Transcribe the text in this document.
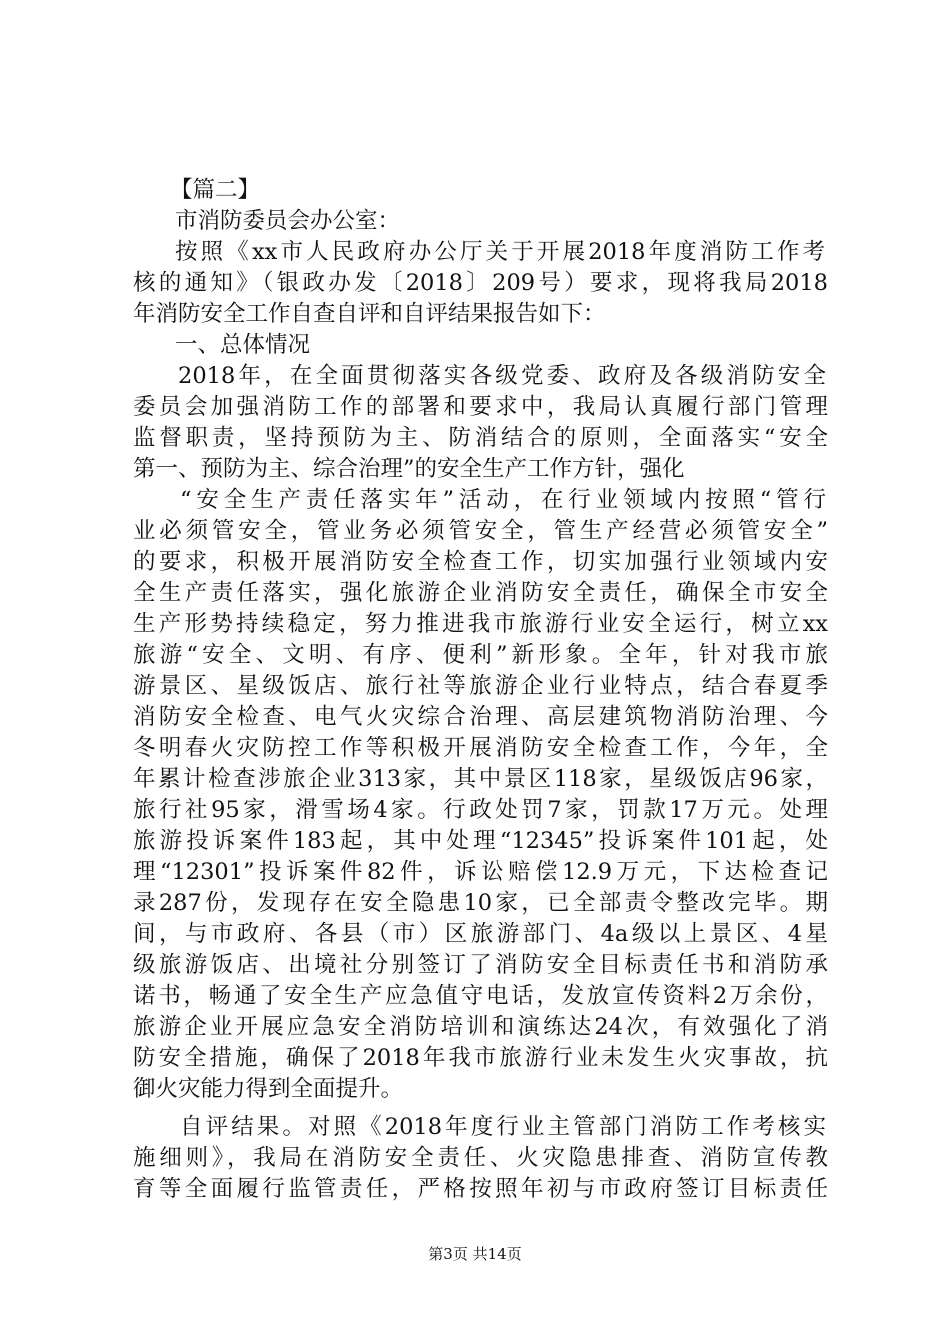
【篇二】
市消防委员会办公室：
按照《xx市人民政府办公厅关于开展2018年度消防工作考
核的通知》（银政办发〔2018〕209号）要求，现将我局2018
年消防安全工作自查自评和自评结果报告如下：
一、总体情况
2018年，在全面贯彻落实各级党委、政府及各级消防安全
委员会加强消防工作的部署和要求中，我局认真履行部门管理
监督职责，坚持预防为主、防消结合的原则，全面落实“安全
第一、预防为主、综合治理”的安全生产工作方针，强化
“安全生产责任落实年”活动，在行业领域内按照“管行
业必须管安全，管业务必须管安全，管生产经营必须管安全”
的要求，积极开展消防安全检查工作，切实加强行业领域内安
全生产责任落实，强化旅游企业消防安全责任，确保全市安全
生产形势持续稳定，努力推进我市旅游行业安全运行，树立xx
旅游“安全、文明、有序、便利”新形象。全年，针对我市旅
游景区、星级饭店、旅行社等旅游企业行业特点，结合春夏季
消防安全检查、电气火灾综合治理、高层建筑物消防治理、今
冬明春火灾防控工作等积极开展消防安全检查工作，今年，全
年累计检查涉旅企业313家，其中景区118家，星级饭店96家，
旅行社95家，滑雪场4家。行政处罚7家，罚款17万元。处理
旅游投诉案件183起，其中处理“12345”投诉案件101起，处
理“12301”投诉案件82件，诉讼赔偿12.9万元，下达检查记
录287份，发现存在安全隐患10家，已全部责令整改完毕。期
间，与市政府、各县（市）区旅游部门、4a级以上景区、4星
级旅游饭店、出境社分别签订了消防安全目标责任书和消防承
诺书，畅通了安全生产应急值守电话，发放宣传资料2万余份，
旅游企业开展应急安全消防培训和演练达24次，有效强化了消
防安全措施，确保了2018年我市旅游行业未发生火灾事故，抗
御火灾能力得到全面提升。
自评结果。对照《2018年度行业主管部门消防工作考核实
施细则》，我局在消防安全责任、火灾隐患排查、消防宣传教
育等全面履行监管责任，严格按照年初与市政府签订目标责任
第3页 共14页
